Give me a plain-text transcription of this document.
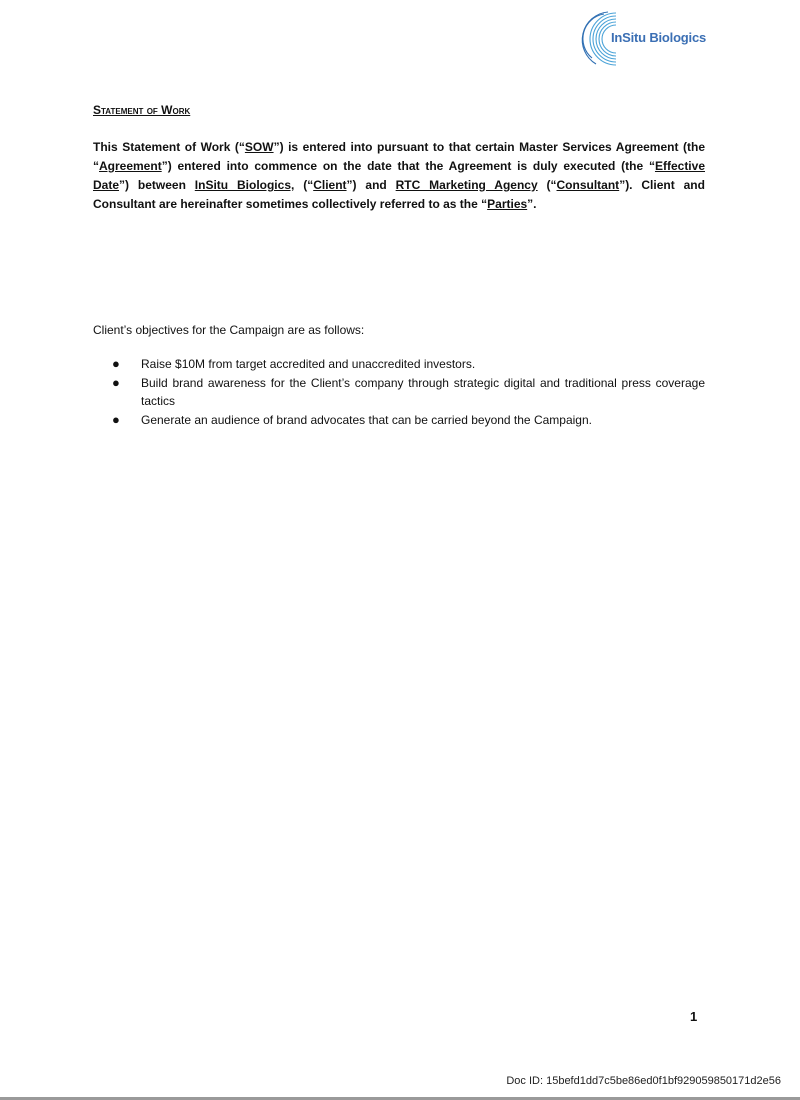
InSitu Biologics
Statement of Work
This Statement of Work (“SOW”) is entered into pursuant to that certain Master Services Agreement (the “Agreement”) entered into commence on the date that the Agreement is duly executed (the “Effective Date”) between InSitu Biologics, (“Client”) and RTC Marketing Agency (“Consultant”). Client and Consultant are hereinafter sometimes collectively referred to as the “Parties”.
Client’s objectives for the Campaign are as follows:
● Raise $10M from target accredited and unaccredited investors.
● Build brand awareness for the Client’s company through strategic digital and traditional press coverage tactics
● Generate an audience of brand advocates that can be carried beyond the Campaign.
1
Doc ID: 15befd1dd7c5be86ed0f1bf929059850171d2e56
